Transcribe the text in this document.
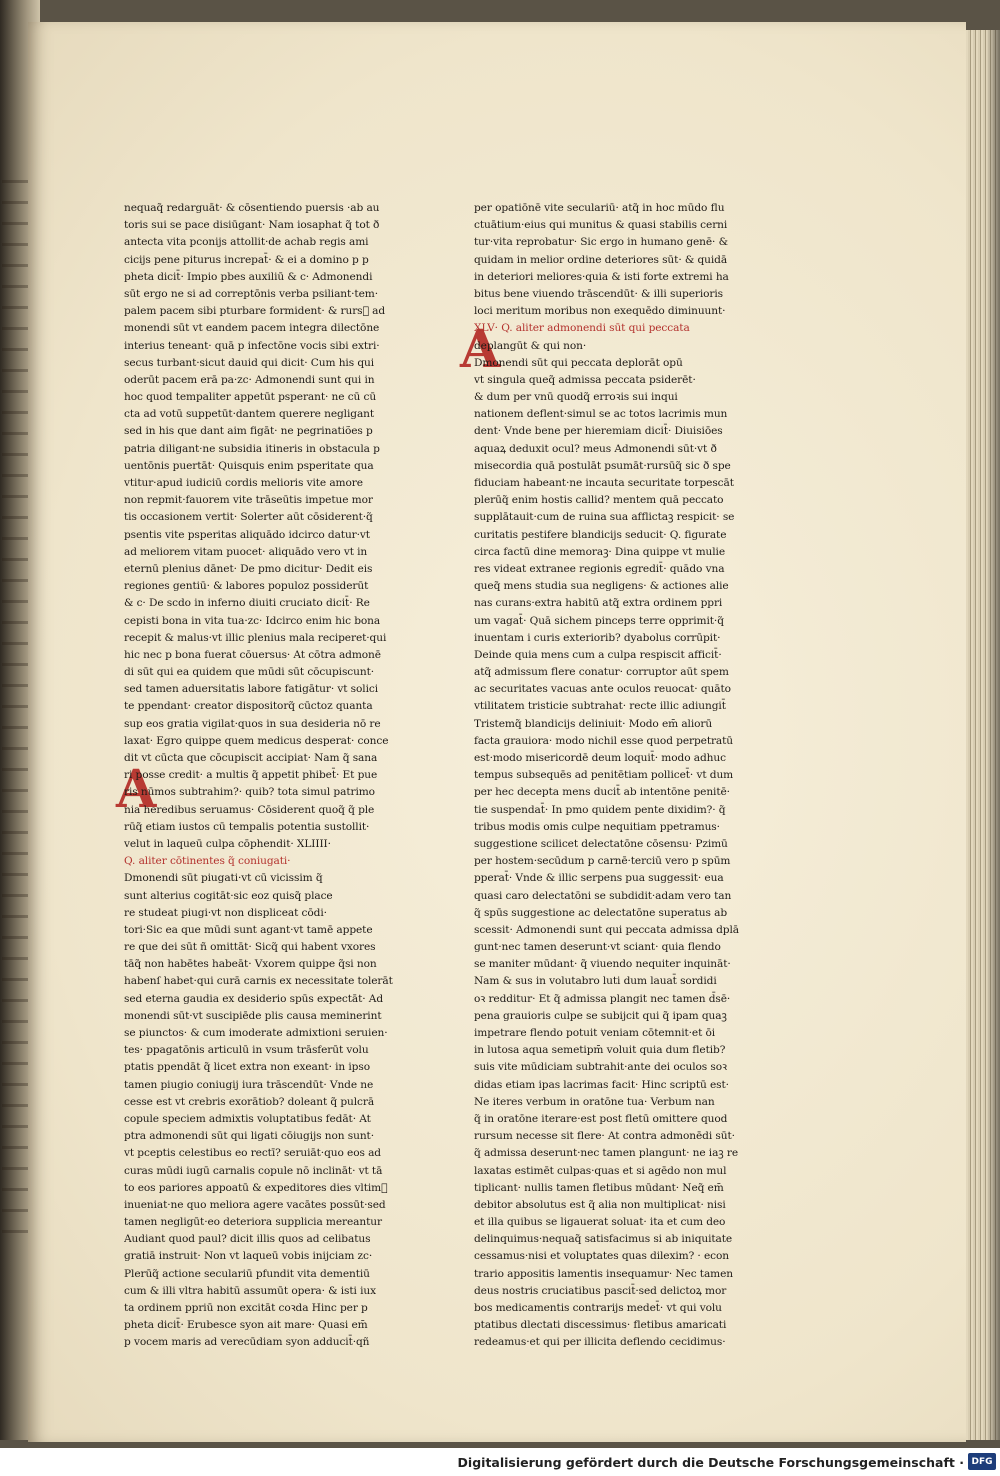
A
A
nequaq̃ redarguāt· & cōsentiendo puersis ·ab au
toris sui se pace disiūgant· Nam iosaphat q̃ tot ð
antecta vita pconijs attollit·de achab regis ami
cicijs pene piturus increpat̄· & ei a domino p p
pheta dicit̄· Impio pbes auxiliū & c· Admonendi
sūt ergo ne si ad correptōnis verba psiliant·tem·
palem pacem sibi pturbare formident· & rursᷣ ad
monendi sūt vt eandem pacem integra dilectōne
interius teneant· quā p infectōne vocis sibi extri·
secus turbant·sicut dauid qui dicit· Cum his qui
oderūt pacem erā pa·zc· Admonendi sunt qui in
hoc quod tempaliter appetūt psperant· ne cū cū
cta ad votū suppetūt·dantem querere negligant
sed in his que dant aim figāt· ne pegrinatiões p
patria diligant·ne subsidia itineris in obstacula p
uentōnis puertāt· Quisquis enim psperitate qua
vtitur·apud iudiciū cordis melioris vite amore
non repmit·fauorem vite trāseūtis impetue mor
tis occasionem vertit· Solerter aūt cōsiderent·q̃
psentis vite psperitas aliquādo idcirco datur·vt
ad meliorem vitam puocet· aliquādo vero vt in
eternū plenius dānet· De pmo dicitur· Dedit eis
regiones gentiū· & labores populoz possiderūt
& c· De scdo in inferno diuiti cruciato dicit̄· Re
cepisti bona in vita tua·zc· Idcirco enim hic bona
recepit & malus·vt illic plenius mala reciperet·qui
hic nec p bona fuerat cōuersus· At cōtra admonē
di sūt qui ea quidem que mūdi sūt cōcupiscunt·
sed tamen aduersitatis labore fatigātur· vt solici
te ppendant· creator dispositorq̃ cūctoz quanta
sup eos gratia vigilat·quos in sua desideria nō re
laxat· Egro quippe quem medicus desperat· conce
dit vt cūcta que cōcupiscit accipiat· Nam q̃ sana
ri posse credit· a multis q̃ appetit phibet̄· Et pue
ris nūmos subtrahim?· quib? tota simul patrimo
nia heredibus seruamus· Cōsiderent quoq̃ q̃ ple
rūq̃ etiam iustos cū tempalis potentia sustollit·
velut in laqueū culpa cōphendit· XLIIII·
Q. aliter cōtinentes q̃ coniugati·
Dmonendi sūt piugati·vt cū vicissim q̃
sunt alterius cogitāt·sic eoz quisq̃ place
re studeat piugi·vt non displiceat cōdi·
tori·Sic ea que mūdi sunt agant·vt tamē appete
re que dei sūt ñ omittāt· Sicq̃ qui habent vxores
tāq̃ non habētes habeāt· Vxorem quippe q̃si non
habenſ habet·qui curā carnis ex necessitate tolerāt
sed eterna gaudia ex desiderio spūs expectāt· Ad
monendi sūt·vt suscipiēde plis causa meminerint
se piunctos· & cum imoderate admixtioni seruien·
tes· ppagatōnis articulū in vsum trāsferūt volu
ptatis ppendāt q̃ licet extra non exeant· in ipso
tamen piugio coniugij iura trāscendūt· Vnde ne
cesse est vt crebris exorātiob? doleant q̃ pulcrā
copule speciem admixtis voluptatibus fedāt· At
ptra admonendi sūt qui ligati cōiugijs non sunt·
vt pceptis celestibus eo rectī? seruiāt·quo eos ad
curas mūdi iugū carnalis copule nō inclināt· vt tā
to eos pariores appoatū & expeditores dies vltimᷣ
inueniat·ne quo meliora agere vacātes possūt·sed
tamen negligūt·eo deteriora supplicia mereantur
Audiant quod paul? dicit illis quos ad celibatus
gratiā instruit· Non vt laqueū vobis inijciam zc·
Plerūq̃ actione seculariū pfundit vita dementiū
cum & illi vltra habitū assumūt opera· & isti iux
ta ordinem ppriū non excitāt coꝛda Hinc per p
pheta dicit̄· Erubesce syon ait mare· Quasi em̄
p vocem maris ad verecūdiam syon adducit̄·qñ
per opatiōnē vite seculariū· atq̃ in hoc mūdo flu
ctuātium·eius qui munitus & quasi stabilis cerni
tur·vita reprobatur· Sic ergo in humano genē· &
quidam in melior ordine deteriores sūt· & quidā
in deteriori meliores·quia & isti forte extremi ha
bitus bene viuendo trāscendūt· & illi superioris
loci meritum moribus non exequēdo diminuunt·
XLV· Q. aliter admonendi sūt qui peccata
deplangūt & qui non·
Dmonendi sūt qui peccata deplorāt opū
vt singula queq̃ admissa peccata psiderēt·
& dum per vnū quodq̃ erroꝛis sui inqui
nationem deflent·simul se ac totos lacrimis mun
dent· Vnde bene per hieremiam dicit̄· Diuisiōes
aquaꝝ deduxit ocul? meus Admonendi sūt·vt ð
misecordia quā postulāt psumāt·rursūq̃ sic ð spe
fiduciam habeant·ne incauta securitate torpescāt
plerūq̃ enim hostis callid? mentem quā peccato
supplātauit·cum de ruina sua afflictaꝫ respicit· se
curitatis pestifere blandicijs seducit· Q. figurate
circa factū dine memoraꝫ· Dina quippe vt mulie
res videat extranee regionis egredit̄· quādo vna
queq̃ mens studia sua negligens· & actiones alie
nas curans·extra habitū atq̃ extra ordinem ppri
um vagat̄· Quā sichem pinceps terre opprimit·q̃
inuentam i curis exteriorib? dyabolus corrūpit·
Deinde quia mens cum a culpa respiscit afficit̄·
atq̃ admissum flere conatur· corruptor aūt spem
ac securitates vacuas ante oculos reuocat· quāto
vtilitatem tristicie subtrahat· recte illic adiungit̄
Tristemq̃ blandicijs deliniuit· Modo em̄ aliorū
facta grauiora· modo nichil esse quod perpetratū
est·modo misericordē deum loquit̄· modo adhuc
tempus subsequēs ad penitētiam pollicet̄· vt dum
per hec decepta mens ducit̄ ab intentōne penitē·
tie suspendat̄· In pmo quidem pente dixidim?· q̃
tribus modis omis culpe nequitiam ppetramus·
suggestione scilicet delectatōne cōsensu· Pzimū
per hostem·secūdum p carnē·terciū vero p spūm
pperat̄· Vnde & illic serpens pua suggessit· eua
quasi caro delectatōni se subdidit·adam vero tan
q̃ spūs suggestione ac delectatōne superatus ab
scessit· Admonendi sunt qui peccata admissa dplā
gunt·nec tamen deserunt·vt sciant· quia flendo
se maniter mūdant· q̃ viuendo nequiter inquināt·
Nam & sus in volutabro luti dum lauat̄ sordidi
oꝛ redditur· Et q̃ admissa plangit nec tamen d̄sē·
pena grauioris culpe se subijcit qui q̃ ipam quaꝫ
impetrare flendo potuit veniam cōtemnit·et ōi
in lutosa aqua semetipm̄ voluit quia dum fletib?
suis vite mūdiciam subtrahit·ante dei oculos soꝛ
didas etiam ipas lacrimas facit· Hinc scriptū est·
Ne iteres verbum in oratōne tua· Verbum nan
q̃ in oratōne iterare·est post fletū omittere quod
rursum necesse sit flere· At contra admonēdi sūt·
q̃ admissa deserunt·nec tamen plangunt· ne iaꝫ re
laxatas estimēt culpas·quas et si agēdo non mul
tiplicant· nullis tamen fletibus mūdant· Neq̃ em̄
debitor absolutus est q̃ alia non multiplicat· nisi
et illa quibus se ligauerat soluat· ita et cum deo
delinquimus·nequaq̃ satisfacimus si ab iniquitate
cessamus·nisi et voluptates quas dilexim? · econ
trario appositis lamentis insequamur· Nec tamen
deus nostris cruciatibus pascit̄·sed delictoꝝ mor
bos medicamentis contrarijs medet̄· vt qui volu
ptatibus dlectati discessimus· fletibus amaricati
redeamus·et qui per illicita deflendo cecidimus·
Digitalisierung gefördert durch die Deutsche Forschungsgemeinschaft · DFG
